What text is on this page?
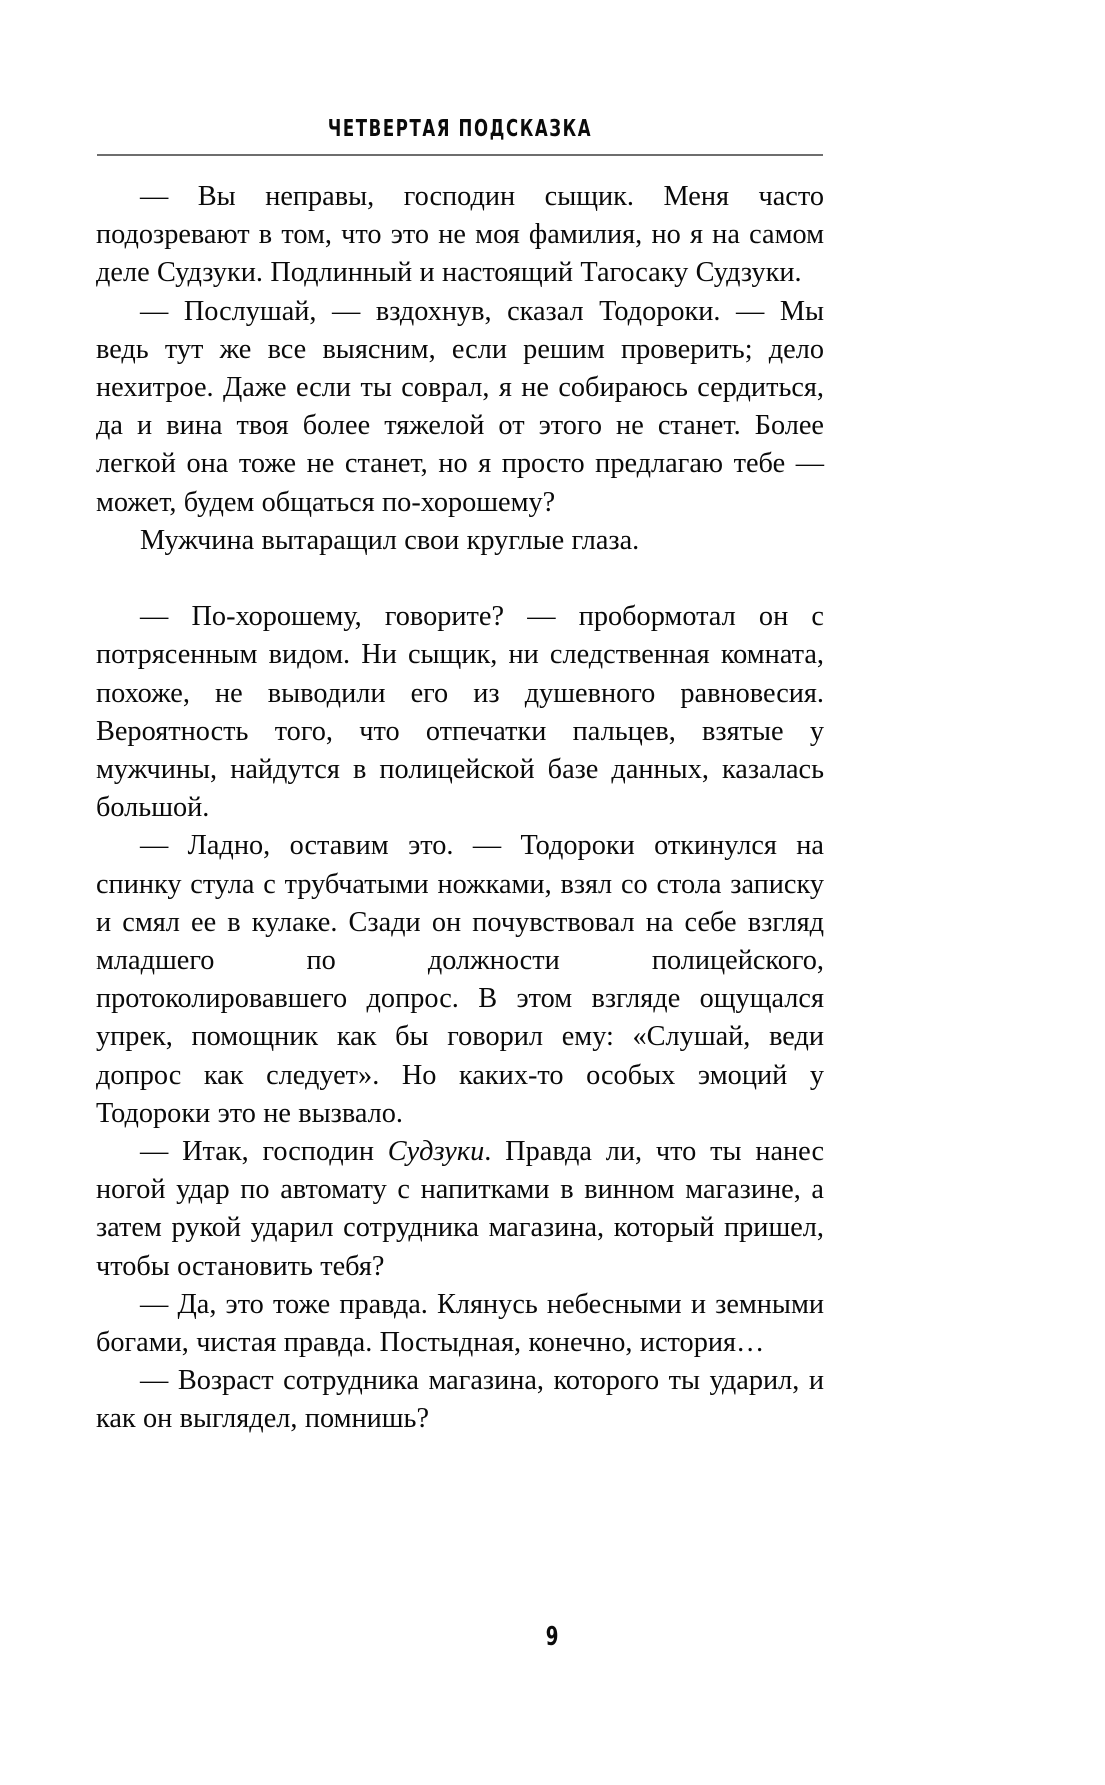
ЧЕТВЕРТАЯ ПОДСКАЗКА

— Вы неправы, господин сыщик. Меня часто подозревают в том, что это не моя фамилия, но я на самом деле Судзуки. Подлинный и настоящий Тагосаку Судзуки.

— Послушай, — вздохнув, сказал Тодороки. — Мы ведь тут же все выясним, если решим проверить; дело нехитрое. Даже если ты соврал, я не собираюсь сердиться, да и вина твоя более тяжелой от этого не станет. Более легкой она тоже не станет, но я просто предлагаю тебе — может, будем общаться по-хорошему?

Мужчина вытаращил свои круглые глаза.

— По-хорошему, говорите? — пробормотал он с потрясенным видом. Ни сыщик, ни следственная комната, похоже, не выводили его из душевного равновесия. Вероятность того, что отпечатки пальцев, взятые у мужчины, найдутся в полицейской базе данных, казалась большой.

— Ладно, оставим это. — Тодороки откинулся на спинку стула с трубчатыми ножками, взял со стола записку и смял ее в кулаке. Сзади он почувствовал на себе взгляд младшего по должности полицейского, протоколировавшего допрос. В этом взгляде ощущался упрек, помощник как бы говорил ему: «Слушай, веди допрос как следует». Но каких-то особых эмоций у Тодороки это не вызвало.

— Итак, господин Судзуки. Правда ли, что ты нанес ногой удар по автомату с напитками в винном магазине, а затем рукой ударил сотрудника магазина, который пришел, чтобы остановить тебя?

— Да, это тоже правда. Клянусь небесными и земными богами, чистая правда. Постыдная, конечно, история…

— Возраст сотрудника магазина, которого ты ударил, и как он выглядел, помнишь?

9
